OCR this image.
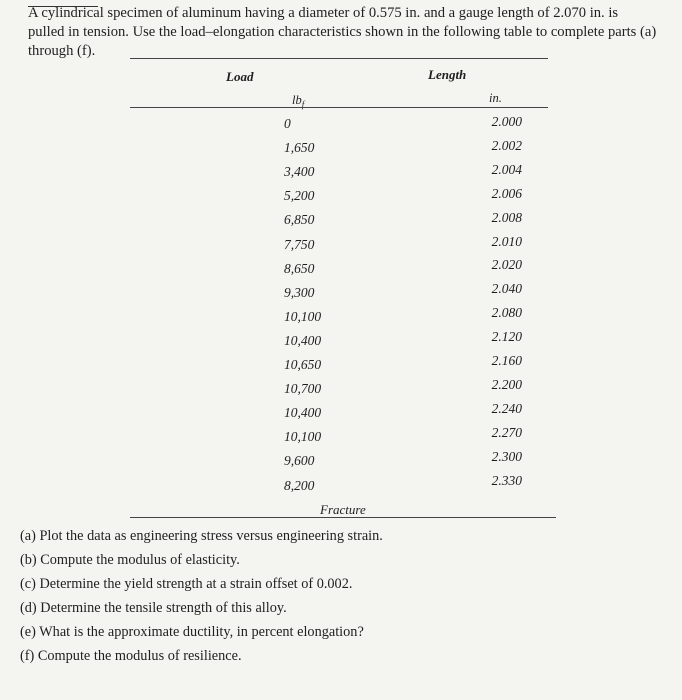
A cylindrical specimen of aluminum having a diameter of 0.575 in. and a gauge length of 2.070 in. is pulled in tension. Use the load–elongation characteristics shown in the following table to complete parts (a) through (f).
Load	Length
$lb_f$	in.
0	2.000
1,650	2.002
3,400	2.004
5,200	2.006
6,850	2.008
7,750	2.010
8,650	2.020
9,300	2.040
10,100	2.080
10,400	2.120
10,650	2.160
10,700	2.200
10,400	2.240
10,100	2.270
9,600	2.300
8,200	2.330
Fracture
(a) Plot the data as engineering stress versus engineering strain.
(b) Compute the modulus of elasticity.
(c) Determine the yield strength at a strain offset of 0.002.
(d) Determine the tensile strength of this alloy.
(e) What is the approximate ductility, in percent elongation?
(f) Compute the modulus of resilience.
